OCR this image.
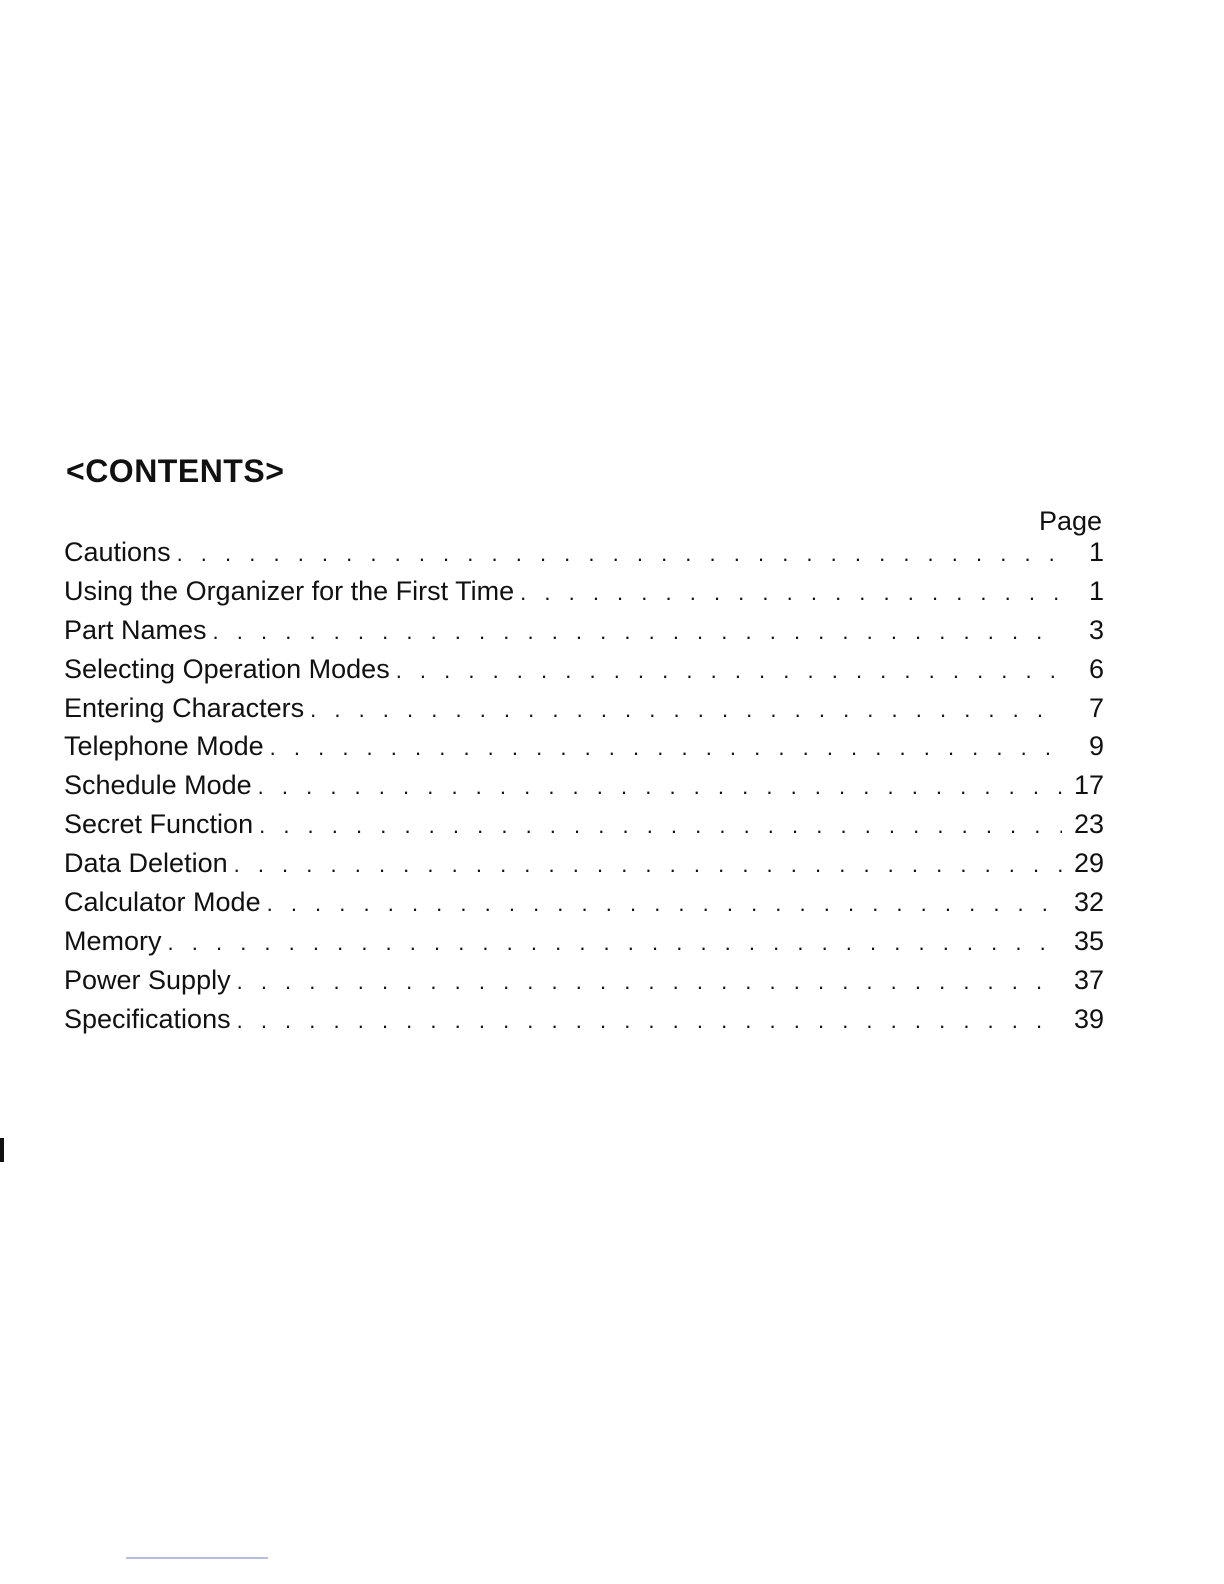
<CONTENTS>
Page
Cautions . . .	1
Using the Organizer for the First Time . . .	1
Part Names . . .	3
Selecting Operation Modes . . .	6
Entering Characters . . .	7
Telephone Mode . . .	9
Schedule Mode . . .	17
Secret Function . . .	23
Data Deletion . . .	29
Calculator Mode . . .	32
Memory . . .	35
Power Supply . . .	37
Specifications . . .	39
